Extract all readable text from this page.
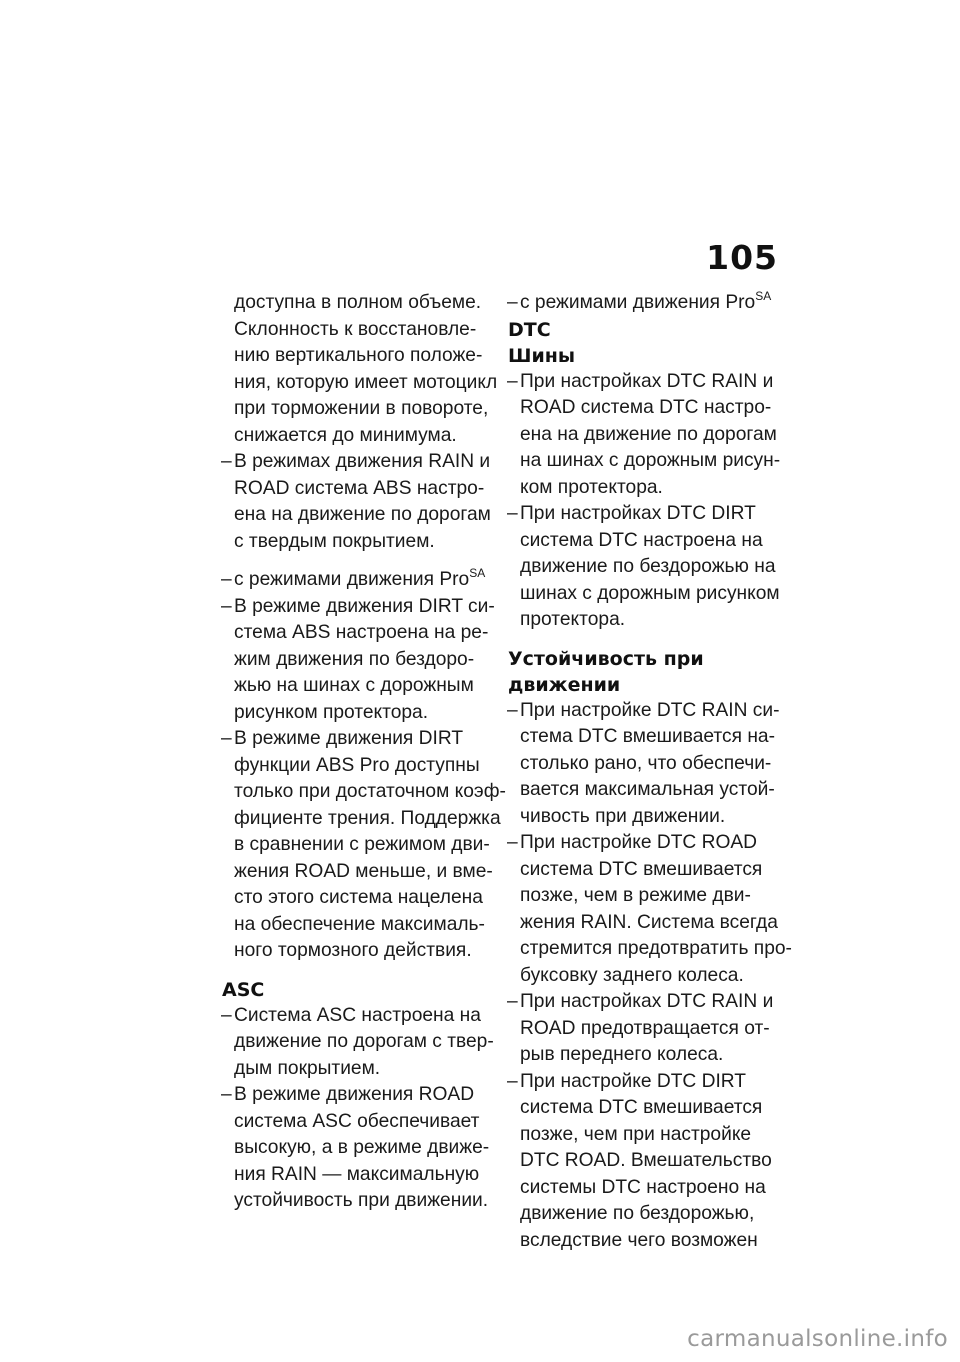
105
доступна в полном объеме.
Склонность к восстановле-
нию вертикального положе-
ния, которую имеет мотоцикл
при торможении в повороте,
снижается до минимума.
– В режимах движения RAIN и
ROAD система ABS настро-
ена на движение по дорогам
с твердым покрытием.
– с режимами движения Pro$^{SA}$
– В режиме движения DIRT си-
стема ABS настроена на ре-
жим движения по бездоро-
жью на шинах с дорожным
рисунком протектора.
– В режиме движения DIRT
функции ABS Pro доступны
только при достаточном коэф-
фициенте трения. Поддержка
в сравнении с режимом дви-
жения ROAD меньше, и вме-
сто этого система нацелена
на обеспечение максималь-
ного тормозного действия.
ASC
– Система ASC настроена на
движение по дорогам с твер-
дым покрытием.
– В режиме движения ROAD
система ASC обеспечивает
высокую, а в режиме движе-
ния RAIN — максимальную
устойчивость при движении.
– с режимами движения Pro$^{SA}$
DTC
Шины
– При настройках DTC RAIN и
ROAD система DTC настро-
ена на движение по дорогам
на шинах с дорожным рисун-
ком протектора.
– При настройках DTC DIRT
система DTC настроена на
движение по бездорожью на
шинах с дорожным рисунком
протектора.
Устойчивость при
движении
– При настройке DTC RAIN си-
стема DTC вмешивается на-
столько рано, что обеспечи-
вается максимальная устой-
чивость при движении.
– При настройке DTC ROAD
система DTC вмешивается
позже, чем в режиме дви-
жения RAIN. Система всегда
стремится предотвратить про-
буксовку заднего колеса.
– При настройках DTC RAIN и
ROAD предотвращается от-
рыв переднего колеса.
– При настройке DTC DIRT
система DTC вмешивается
позже, чем при настройке
DTC ROAD. Вмешательство
системы DTC настроено на
движение по бездорожью,
вследствие чего возможен
carmanualsonline.info
